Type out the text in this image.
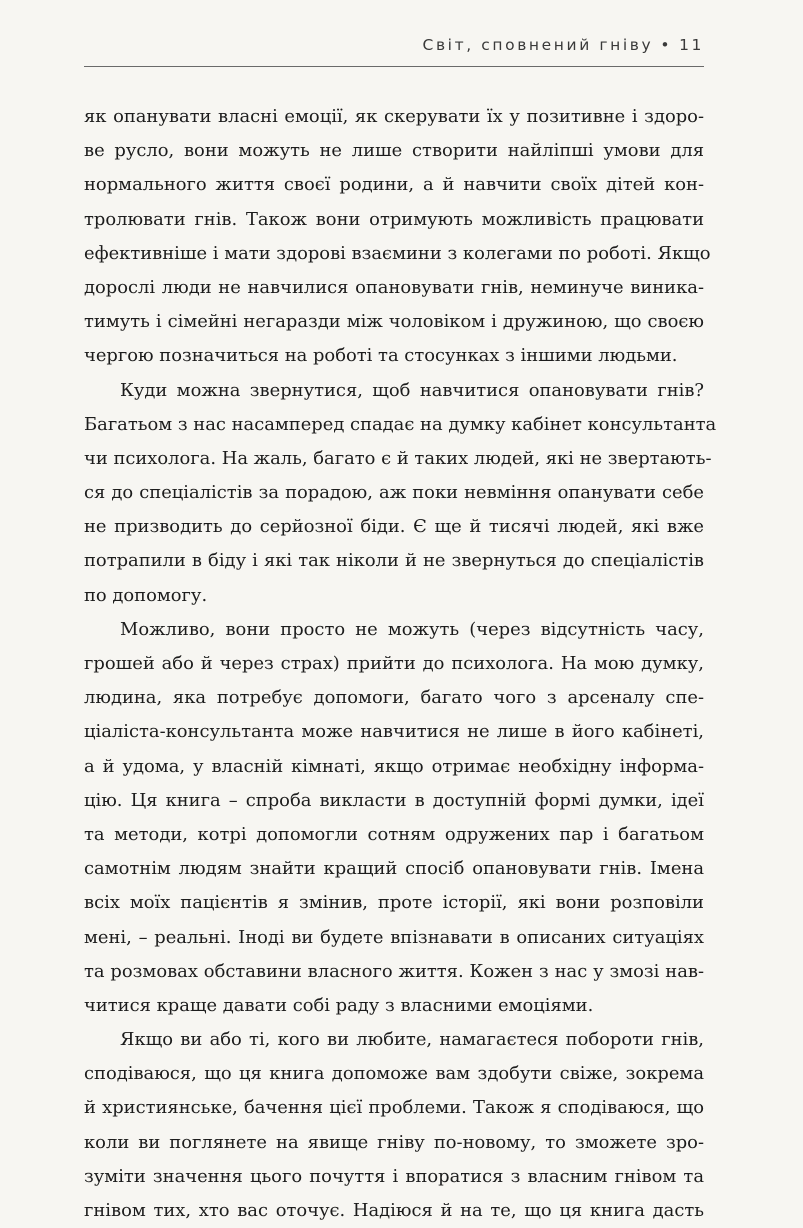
Світ, сповнений гніву • 11
як опанувати власні емоції, як скерувати їх у позитивне і здоро-
ве русло, вони можуть не лише створити найліпші умови для
нормального життя своєї родини, а й навчити своїх дітей кон-
тролювати гнів. Також вони отримують можливість працювати
ефективніше і мати здорові взаємини з колегами по роботі. Якщо
дорослі люди не навчилися опановувати гнів, неминуче виника-
тимуть і сімейні негаразди між чоловіком і дружиною, що своєю
чергою позначиться на роботі та стосунках з іншими людьми.
Куди можна звернутися, щоб навчитися опановувати гнів?
Багатьом з нас насамперед спадає на думку кабінет консультанта
чи психолога. На жаль, багато є й таких людей, які не звертають-
ся до спеціалістів за порадою, аж поки невміння опанувати себе
не призводить до серйозної біди. Є ще й тисячі людей, які вже
потрапили в біду і які так ніколи й не звернуться до спеціалістів
по допомогу.
Можливо, вони просто не можуть (через відсутність часу,
грошей або й через страх) прийти до психолога. На мою думку,
людина, яка потребує допомоги, багато чого з арсеналу спе-
ціаліста-консультанта може навчитися не лише в його кабінеті,
а й удома, у власній кімнаті, якщо отримає необхідну інформа-
цію. Ця книга – спроба викласти в доступній формі думки, ідеї
та методи, котрі допомогли сотням одружених пар і багатьом
самотнім людям знайти кращий спосіб опановувати гнів. Імена
всіх моїх пацієнтів я змінив, проте історії, які вони розповіли
мені, – реальні. Іноді ви будете впізнавати в описаних ситуаціях
та розмовах обставини власного життя. Кожен з нас у змозі нав-
читися краще давати собі раду з власними емоціями.
Якщо ви або ті, кого ви любите, намагаєтеся побороти гнів,
сподіваюся, що ця книга допоможе вам здобути свіже, зокрема
й християнське, бачення цієї проблеми. Також я сподіваюся, що
коли ви поглянете на явище гніву по-новому, то зможете зро-
зуміти значення цього почуття і впоратися з власним гнівом та
гнівом тих, хто вас оточує. Надіюся й на те, що ця книга дасть
